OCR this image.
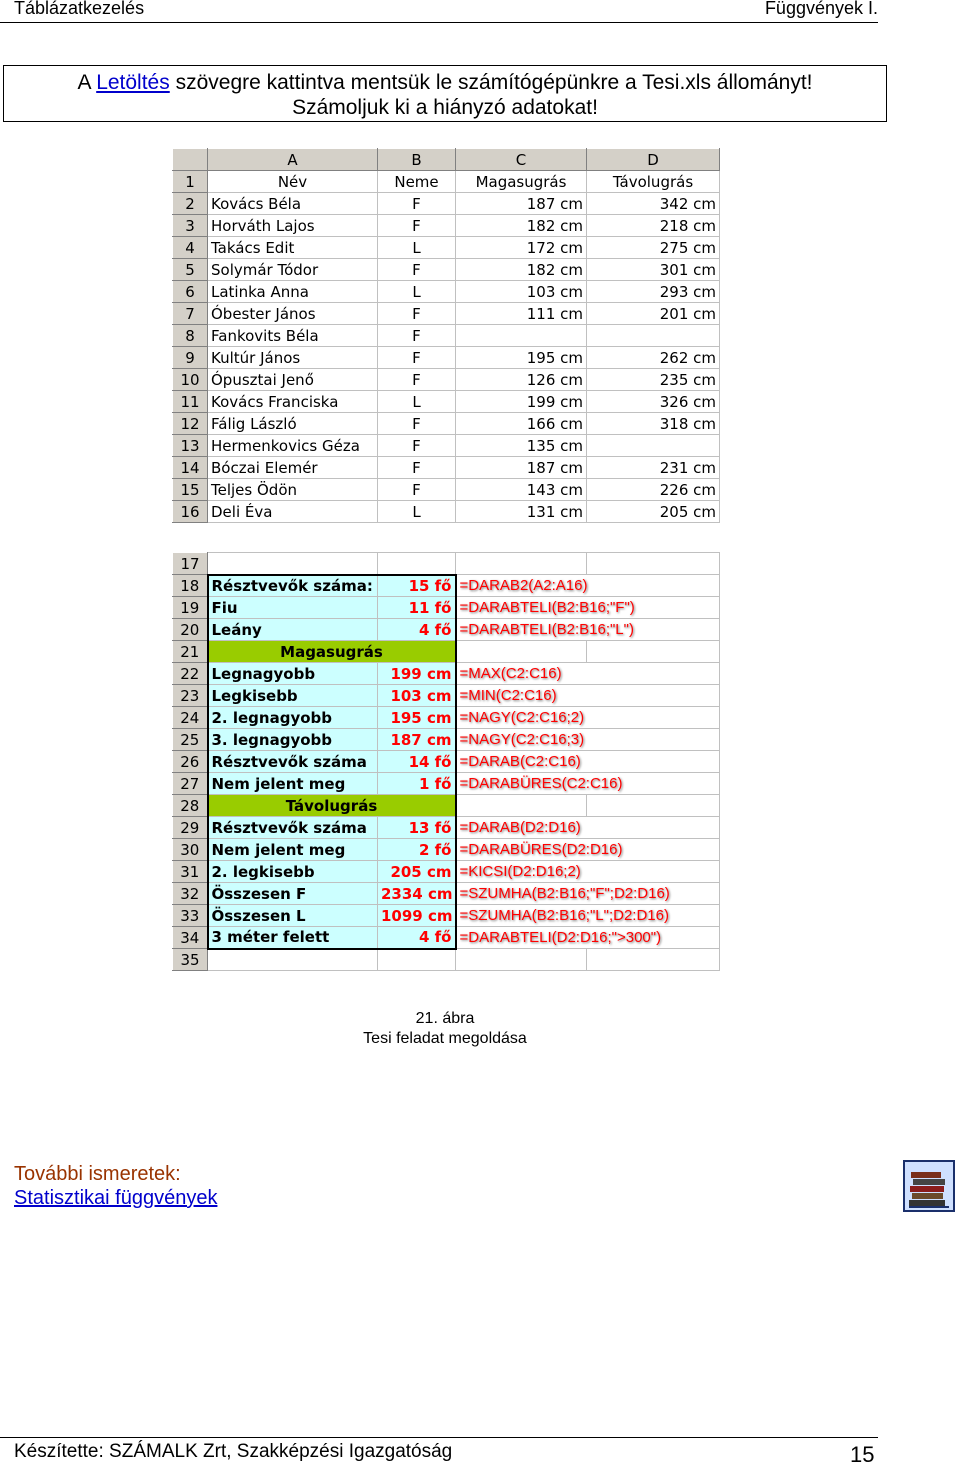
Táblázatkezelés	Függvények I.
A Letöltés szövegre kattintva mentsük le számítógépünkre a Tesi.xls állományt!
Számoljuk ki a hiányzó adatokat!
	A	B	C	D
1	Név	Neme	Magasugrás	Távolugrás
2	Kovács Béla	F	187 cm	342 cm
3	Horváth Lajos	F	182 cm	218 cm
4	Takács Edit	L	172 cm	275 cm
5	Solymár Tódor	F	182 cm	301 cm
6	Latinka Anna	L	103 cm	293 cm
7	Óbester János	F	111 cm	201 cm
8	Fankovits Béla	F		
9	Kultúr János	F	195 cm	262 cm
10	Ópusztai Jenő	F	126 cm	235 cm
11	Kovács Franciska	L	199 cm	326 cm
12	Fálig László	F	166 cm	318 cm
13	Hermenkovics Géza	F	135 cm	
14	Bóczai Elemér	F	187 cm	231 cm
15	Teljes Ödön	F	143 cm	226 cm
16	Deli Éva	L	131 cm	205 cm
17				
18	Résztvevők száma:	15 fő	=DARAB2(A2:A16)	
19	Fiu	11 fő	=DARABTELI(B2:B16;"F")	
20	Leány	4 fő	=DARABTELI(B2:B16;"L")	
21	Magasugrás			
22	Legnagyobb	199 cm	=MAX(C2:C16)	
23	Legkisebb	103 cm	=MIN(C2:C16)	
24	2. legnagyobb	195 cm	=NAGY(C2:C16;2)	
25	3. legnagyobb	187 cm	=NAGY(C2:C16;3)	
26	Résztvevők száma	14 fő	=DARAB(C2:C16)	
27	Nem jelent meg	1 fő	=DARABÜRES(C2:C16)	
28	Távolugrás			
29	Résztvevők száma	13 fő	=DARAB(D2:D16)	
30	Nem jelent meg	2 fő	=DARABÜRES(D2:D16)	
31	2. legkisebb	205 cm	=KICSI(D2:D16;2)	
32	Összesen F	2334 cm	=SZUMHA(B2:B16;"F";D2:D16)	
33	Összesen L	1099 cm	=SZUMHA(B2:B16;"L";D2:D16)	
34	3 méter felett	4 fő	=DARABTELI(D2:D16;">300")	
35				
21. ábra
Tesi feladat megoldása
További ismeretek:
Statisztikai függvények
Készítette: SZÁMALK Zrt, Szakképzési Igazgatóság	15
